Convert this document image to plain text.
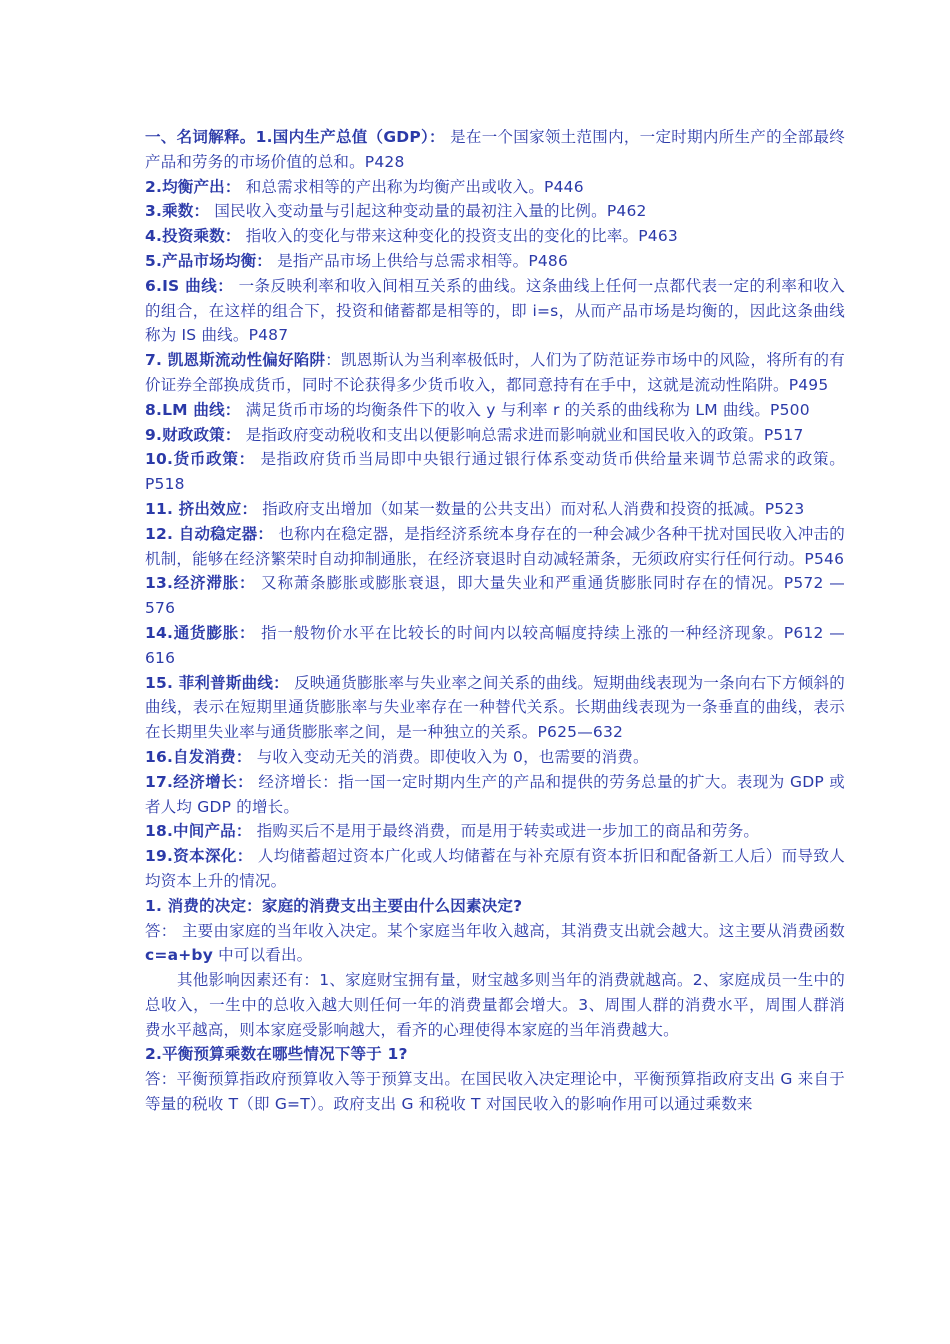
一、名词解释。1.国内生产总值（GDP）： 是在一个国家领土范围内，一定时期内所生产的全部最终产品和劳务的市场价值的总和。P428

2.均衡产出： 和总需求相等的产出称为均衡产出或收入。P446

3.乘数： 国民收入变动量与引起这种变动量的最初注入量的比例。P462

4.投资乘数： 指收入的变化与带来这种变化的投资支出的变化的比率。P463

5.产品市场均衡： 是指产品市场上供给与总需求相等。P486

6.IS 曲线： 一条反映利率和收入间相互关系的曲线。这条曲线上任何一点都代表一定的利率和收入的组合，在这样的组合下，投资和储蓄都是相等的，即 i=s，从而产品市场是均衡的，因此这条曲线称为 IS 曲线。P487

7. 凯恩斯流动性偏好陷阱：凯恩斯认为当利率极低时，人们为了防范证券市场中的风险，将所有的有价证券全部换成货币，同时不论获得多少货币收入，都同意持有在手中，这就是流动性陷阱。P495

8.LM 曲线： 满足货币市场的均衡条件下的收入 y 与利率 r 的关系的曲线称为 LM 曲线。P500

9.财政政策： 是指政府变动税收和支出以便影响总需求进而影响就业和国民收入的政策。P517

10.货币政策： 是指政府货币当局即中央银行通过银行体系变动货币供给量来调节总需求的政策。P518

11. 挤出效应： 指政府支出增加（如某一数量的公共支出）而对私人消费和投资的抵减。P523

12. 自动稳定器： 也称内在稳定器，是指经济系统本身存在的一种会减少各种干扰对国民收入冲击的机制，能够在经济繁荣时自动抑制通胀，在经济衰退时自动减轻萧条，无须政府实行任何行动。P546

13.经济滞胀： 又称萧条膨胀或膨胀衰退，即大量失业和严重通货膨胀同时存在的情况。P572 — 576

14.通货膨胀： 指一般物价水平在比较长的时间内以较高幅度持续上涨的一种经济现象。P612 — 616

15. 菲利普斯曲线： 反映通货膨胀率与失业率之间关系的曲线。短期曲线表现为一条向右下方倾斜的曲线，表示在短期里通货膨胀率与失业率存在一种替代关系。长期曲线表现为一条垂直的曲线，表示在长期里失业率与通货膨胀率之间，是一种独立的关系。P625—632

16.自发消费： 与收入变动无关的消费。即使收入为 0，也需要的消费。

17.经济增长： 经济增长：指一国一定时期内生产的产品和提供的劳务总量的扩大。表现为 GDP 或者人均 GDP 的增长。

18.中间产品： 指购买后不是用于最终消费，而是用于转卖或进一步加工的商品和劳务。

19.资本深化： 人均储蓄超过资本广化或人均储蓄在与补充原有资本折旧和配备新工人后）而导致人均资本上升的情况。

1. 消费的决定：家庭的消费支出主要由什么因素决定?

答： 主要由家庭的当年收入决定。某个家庭当年收入越高，其消费支出就会越大。这主要从消费函数 c=a+by 中可以看出。

其他影响因素还有：1、家庭财宝拥有量，财宝越多则当年的消费就越高。2、家庭成员一生中的总收入，一生中的总收入越大则任何一年的消费量都会增大。3、周围人群的消费水平，周围人群消费水平越高，则本家庭受影响越大，看齐的心理使得本家庭的当年消费越大。

2.平衡预算乘数在哪些情况下等于 1?

答：平衡预算指政府预算收入等于预算支出。在国民收入决定理论中，平衡预算指政府支出 G 来自于等量的税收 T（即 G=T）。政府支出 G 和税收 T 对国民收入的影响作用可以通过乘数来
